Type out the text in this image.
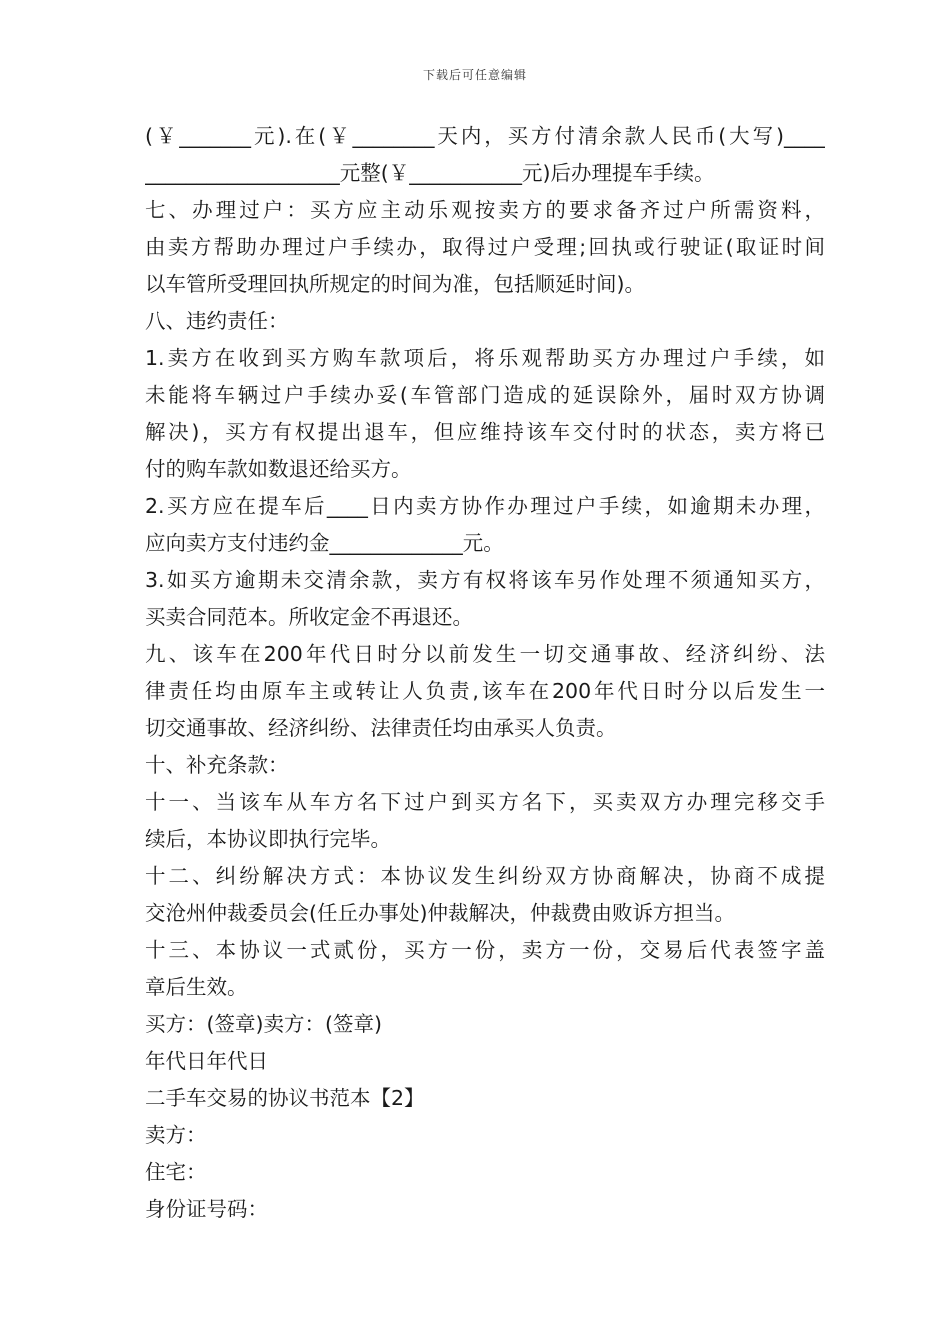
下载后可任意编辑

(￥_______元).在(￥________天内，买方付清余款人民币(大写)____

___________________元整(￥___________元)后办理提车手续。

七、办理过户：买方应主动乐观按卖方的要求备齐过户所需资料，

由卖方帮助办理过户手续办，取得过户受理;回执或行驶证(取证时间

以车管所受理回执所规定的时间为准，包括顺延时间)。

八、违约责任：

1.卖方在收到买方购车款项后，将乐观帮助买方办理过户手续，如

未能将车辆过户手续办妥(车管部门造成的延误除外，届时双方协调

解决)，买方有权提出退车，但应维持该车交付时的状态，卖方将已

付的购车款如数退还给买方。

2.买方应在提车后____日内卖方协作办理过户手续，如逾期未办理，

应向卖方支付违约金_____________元。

3.如买方逾期未交清余款，卖方有权将该车另作处理不须通知买方，

买卖合同范本。所收定金不再退还。

九、该车在200年代日时分以前发生一切交通事故、经济纠纷、法

律责任均由原车主或转让人负责,该车在200年代日时分以后发生一

切交通事故、经济纠纷、法律责任均由承买人负责。

十、补充条款：

十一、当该车从车方名下过户到买方名下，买卖双方办理完移交手

续后，本协议即执行完毕。

十二、纠纷解决方式：本协议发生纠纷双方协商解决，协商不成提

交沧州仲裁委员会(任丘办事处)仲裁解决，仲裁费由败诉方担当。

十三、本协议一式贰份，买方一份，卖方一份，交易后代表签字盖

章后生效。

买方：(签章)卖方：(签章)

年代日年代日

二手车交易的协议书范本【2】

卖方：

住宅：

身份证号码：
